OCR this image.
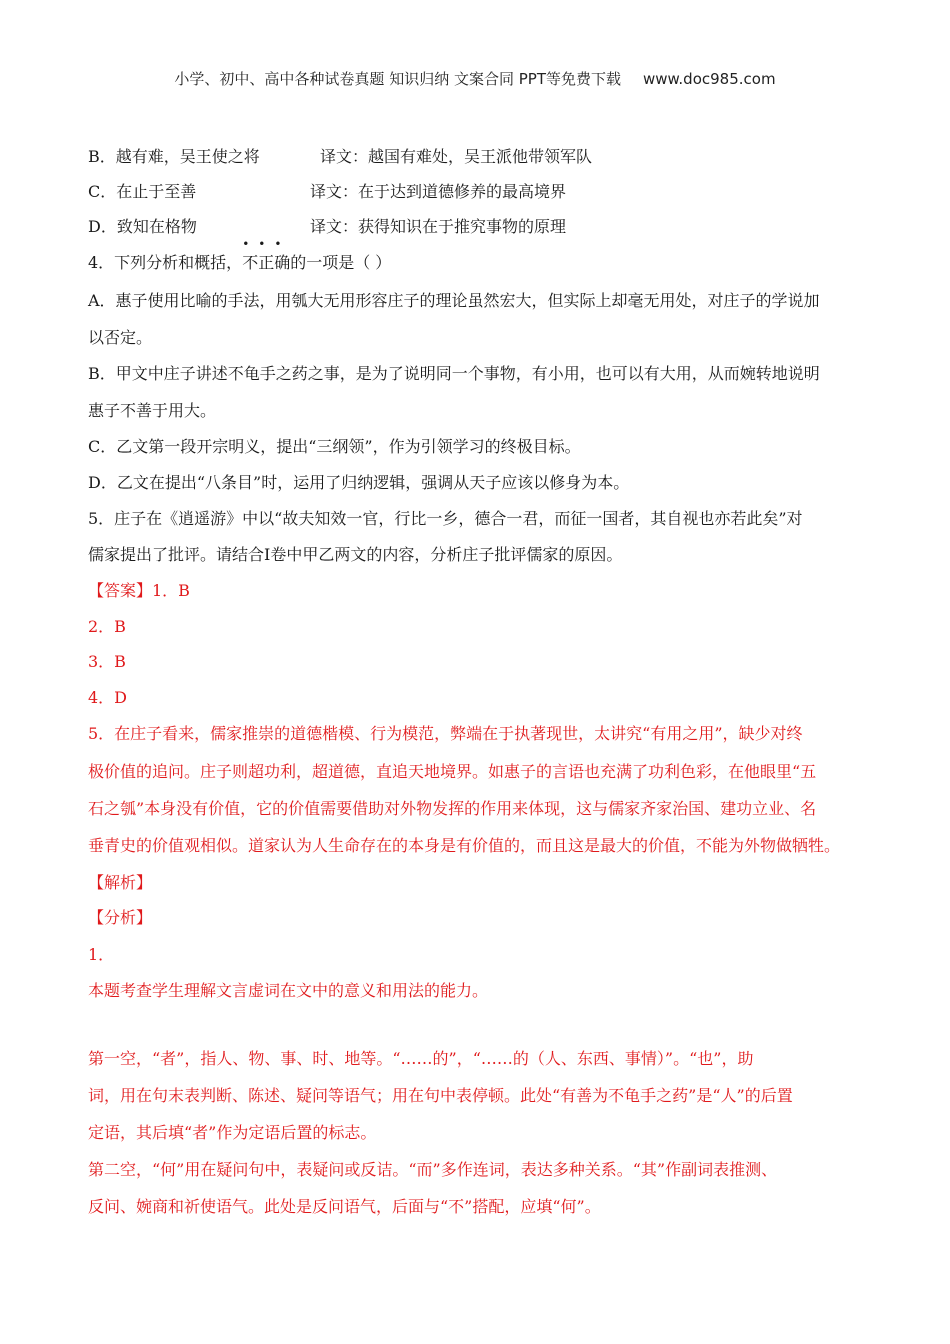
小学、初中、高中各种试卷真题 知识归纳 文案合同 PPT等免费下载 www.doc985.com
B．越有难，吴王使之将	译文：越国有难处，吴王派他带领军队
C．在止于至善	译文：在于达到道德修养的最高境界
D．致知在格物	译文：获得知识在于推究事物的原理
4．下列分析和概括，
•••
不正确的一项是（ ）
A．惠子使用比喻的手法，用瓠大无用形容庄子的理论虽然宏大，但实际上却毫无用处，对庄子的学说加
以否定。
B．甲文中庄子讲述不龟手之药之事，是为了说明同一个事物，有小用，也可以有大用，从而婉转地说明
惠子不善于用大。
C．乙文第一段开宗明义，提出“三纲领”，作为引领学习的终极目标。
D．乙文在提出“八条目”时，运用了归纳逻辑，强调从天子应该以修身为本。
5．庄子在《逍遥游》中以“故夫知效一官，行比一乡，德合一君，而征一国者，其自视也亦若此矣”对
儒家提出了批评。请结合Ⅰ卷中甲乙两文的内容，分析庄子批评儒家的原因。
【答案】1．B
2．B
3．B
4．D
5．在庄子看来，儒家推崇的道德楷模、行为模范，弊端在于执著现世，太讲究“有用之用”，缺少对终
极价值的追问。庄子则超功利，超道德，直追天地境界。如惠子的言语也充满了功利色彩，在他眼里“五
石之瓠”本身没有价值，它的价值需要借助对外物发挥的作用来体现，这与儒家齐家治国、建功立业、名
垂青史的价值观相似。道家认为人生命存在的本身是有价值的，而且这是最大的价值，不能为外物做牺牲。
【解析】
【分析】
1．
本题考查学生理解文言虚词在文中的意义和用法的能力。
第一空，“者”，指人、物、事、时、地等。“……的”，“……的（人、东西、事情）”。“也”，助
词，用在句末表判断、陈述、疑问等语气；用在句中表停顿。此处“有善为不龟手之药”是“人”的后置
定语，其后填“者”作为定语后置的标志。
第二空，“何”用在疑问句中，表疑问或反诘。“而”多作连词，表达多种关系。“其”作副词表推测、
反问、婉商和祈使语气。此处是反问语气，后面与“不”搭配，应填“何”。
